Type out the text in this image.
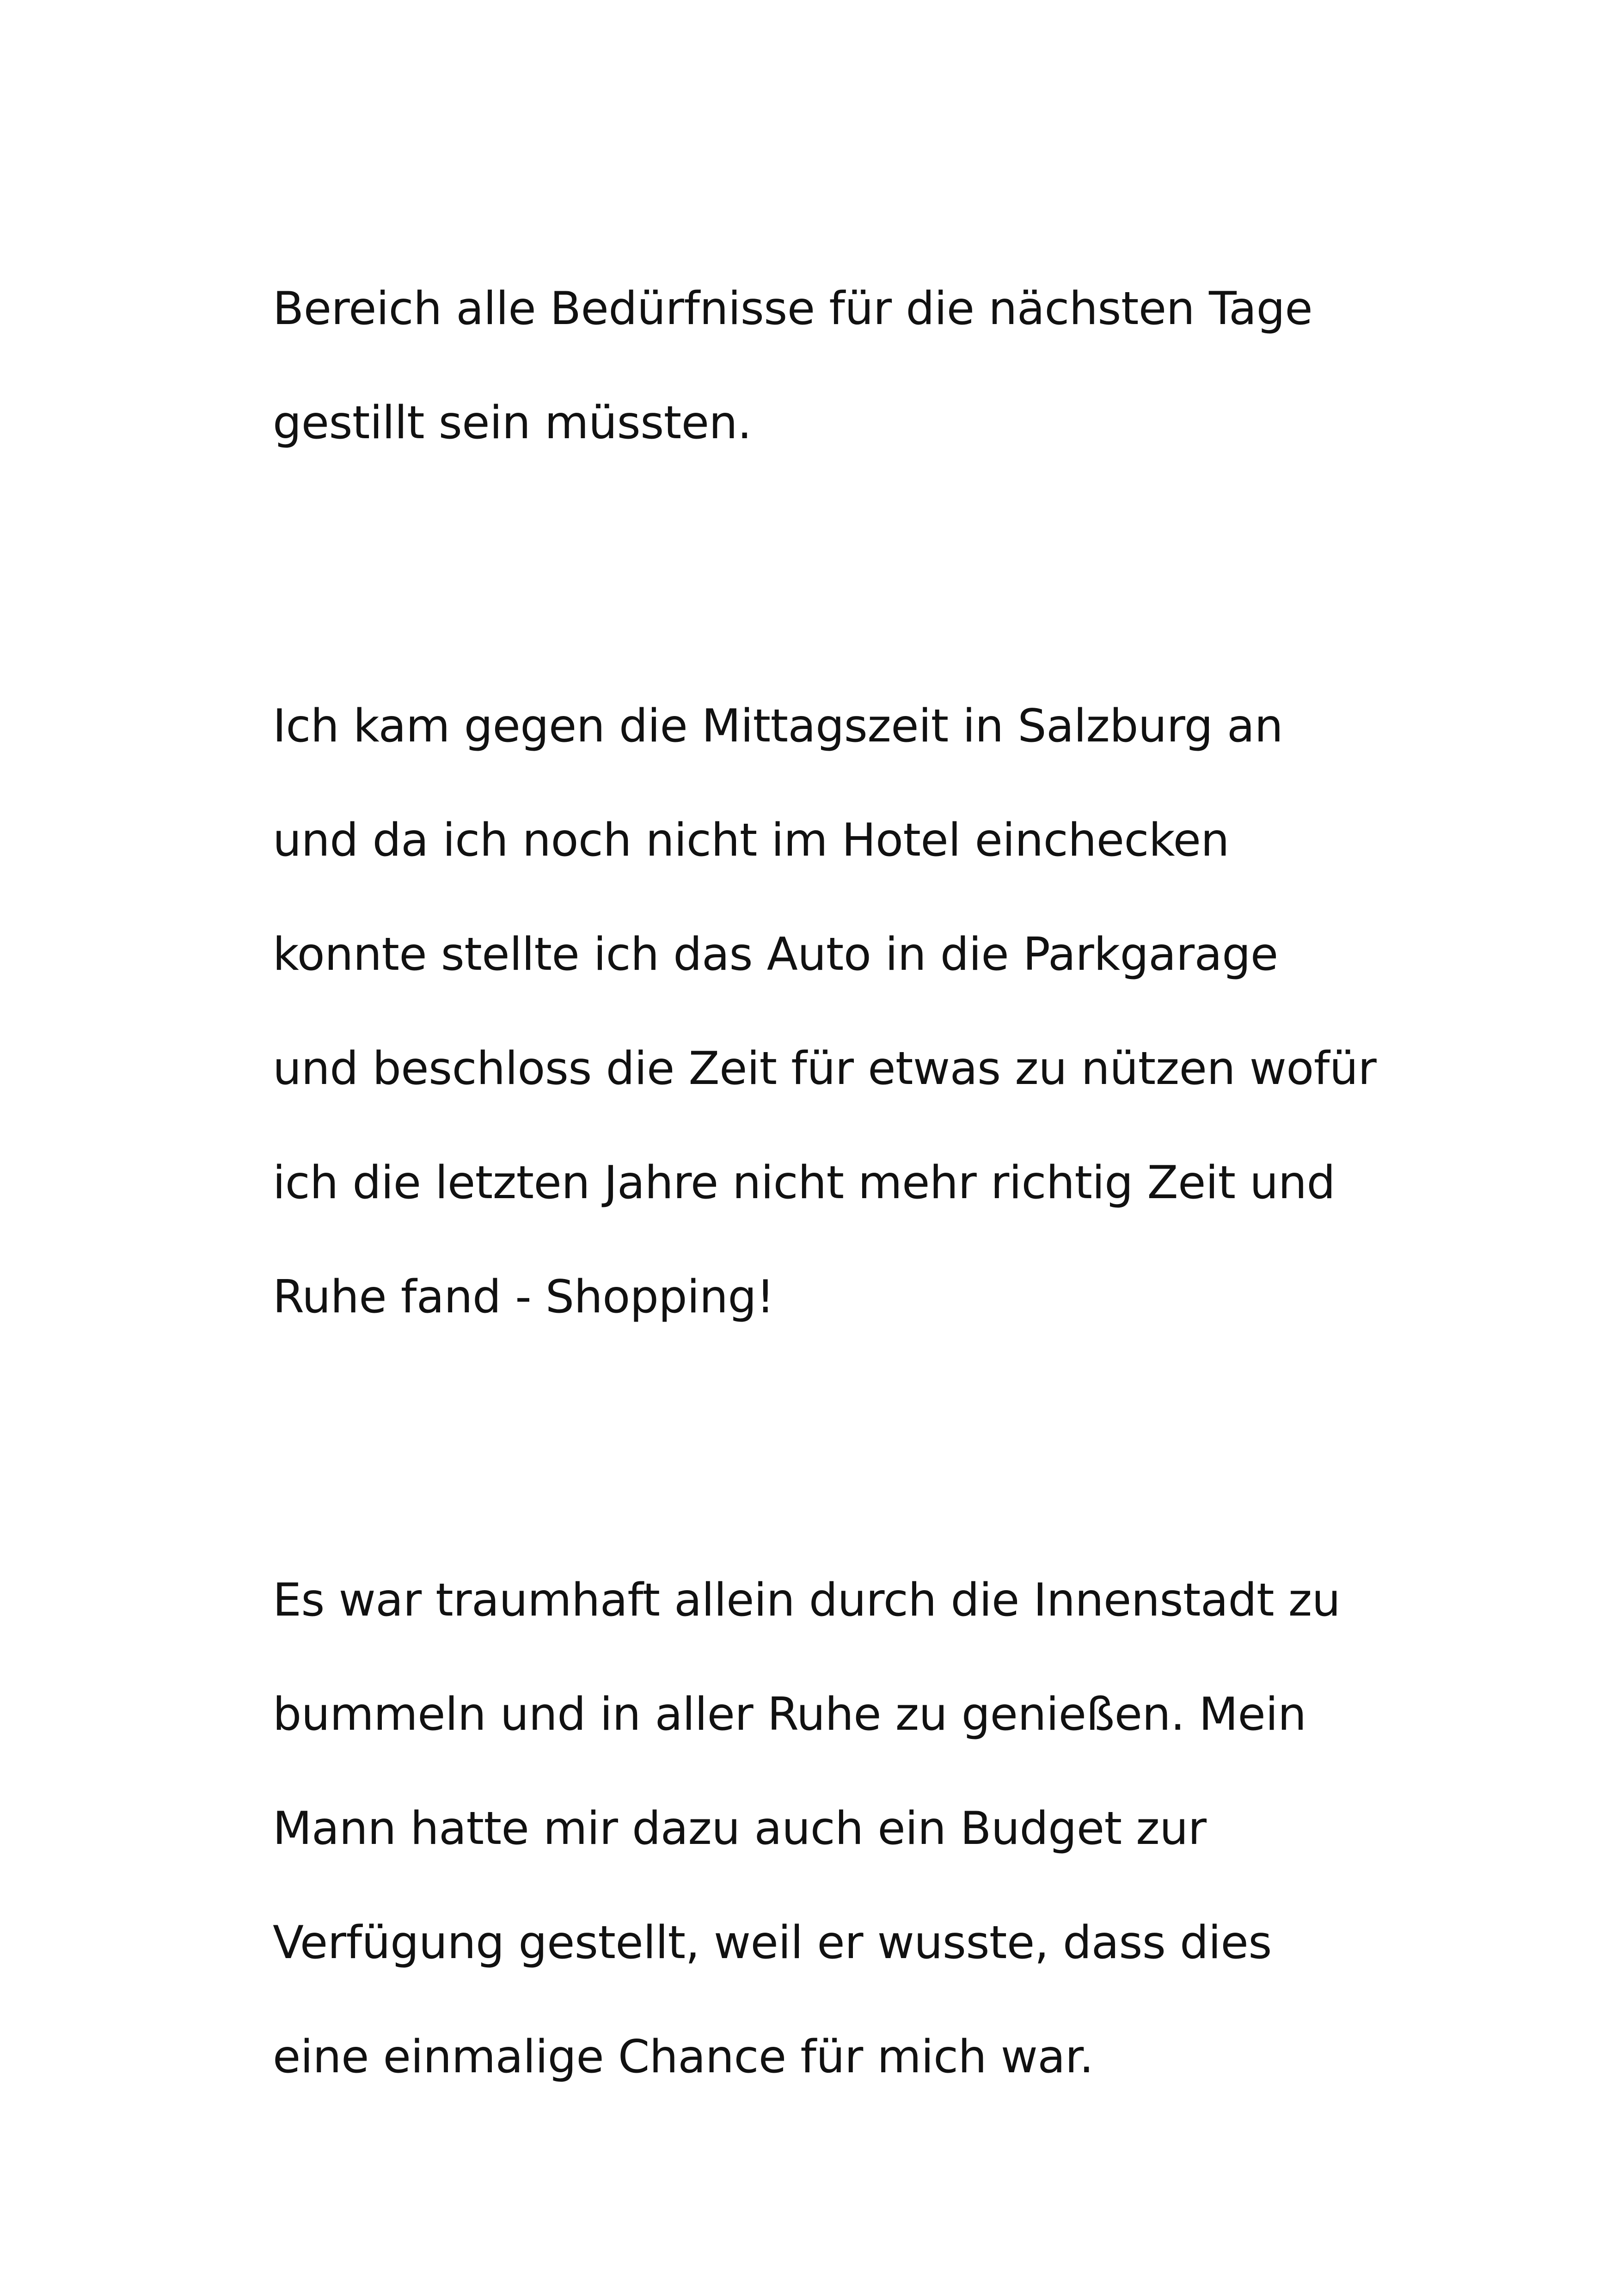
Bereich alle Bedürfnisse für die nächsten Tage
gestillt sein müssten.
Ich kam gegen die Mittagszeit in Salzburg an
und da ich noch nicht im Hotel einchecken
konnte stellte ich das Auto in die Parkgarage
und beschloss die Zeit für etwas zu nützen wofür
ich die letzten Jahre nicht mehr richtig Zeit und
Ruhe fand - Shopping!
Es war traumhaft allein durch die Innenstadt zu
bummeln und in aller Ruhe zu genießen. Mein
Mann hatte mir dazu auch ein Budget zur
Verfügung gestellt, weil er wusste, dass dies
eine einmalige Chance für mich war.
